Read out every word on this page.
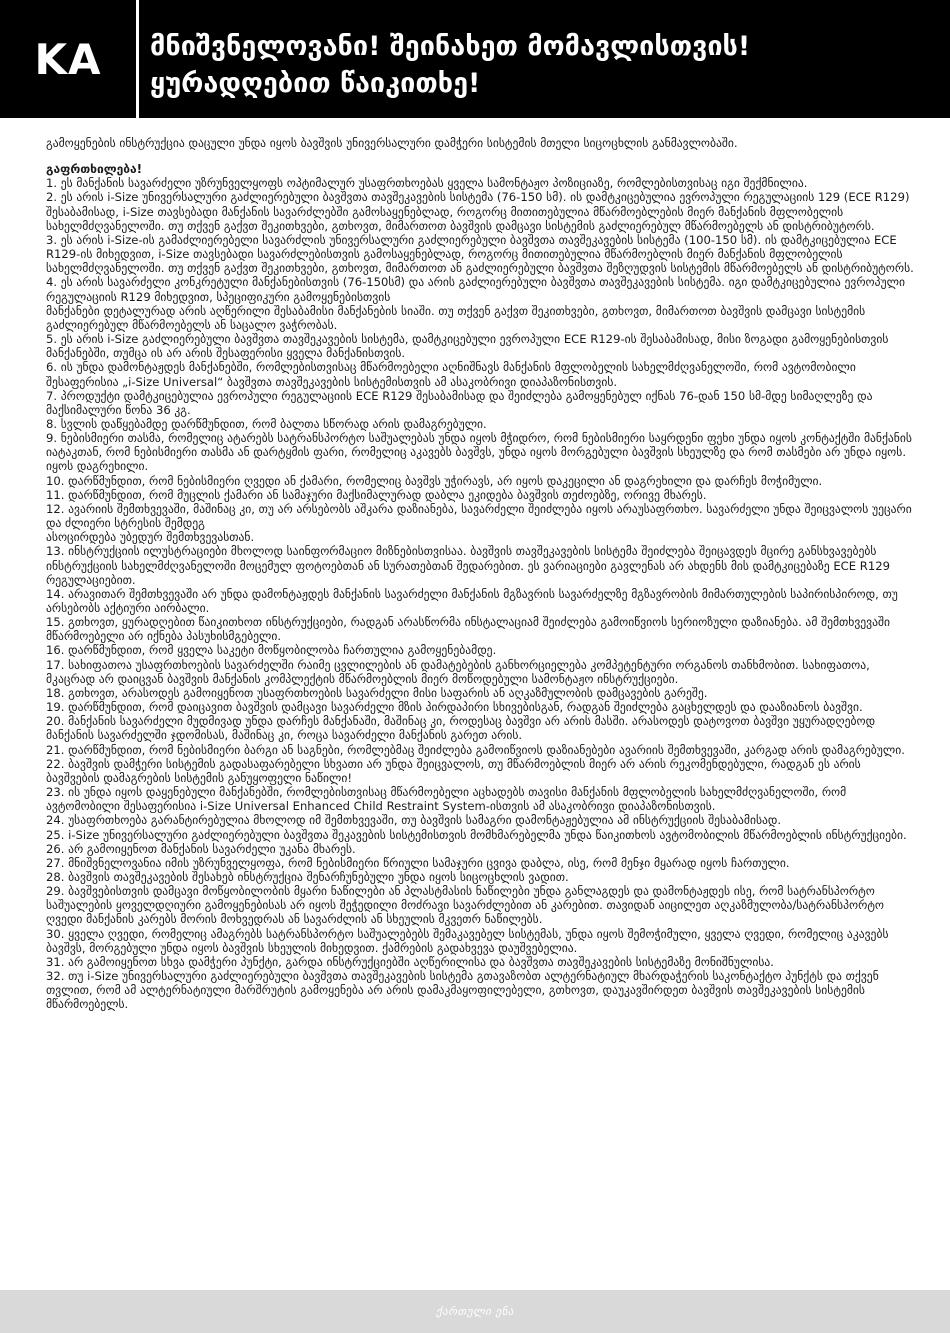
KA	მნიშვნელოვანი! შეინახეთ მომავლისთვის!
ყურადღებით წაიკითხე!

გამოყენების ინსტრუქცია დაცული უნდა იყოს ბავშვის უნივერსალური დამჭერი სისტემის მთელი სიცოცხლის განმავლობაში.

გაფრთხილება!

1. ეს მანქანის სავარძელი უზრუნველყოფს ოპტიმალურ უსაფრთხოებას ყველა სამონტაჟო პოზიციაზე, რომლებისთვისაც იგი შექმნილია.

2. ეს არის i-Size უნივერსალური გაძლიერებული ბავშვთა თავშეკავების სისტემა (76-150 სმ). ის დამტკიცებულია ევროპული რეგულაციის 129 (ECE R129) შესაბამისად, i-Size თავსებადი მანქანის სავარძლებში გამოსაყენებლად, როგორც მითითებულია მწარმოებლების მიერ მანქანის მფლობელის სახელმძღვანელოში. თუ თქვენ გაქვთ შეკითხვები, გთხოვთ, მიმართოთ ბავშვის დამცავი სისტემის გაძლიერებულ მწარმოებელს ან დისტრიბუტორს.

3. ეს არის i-Size-ის გამაძლიერებელი სავარძლის უნივერსალური გაძლიერებული ბავშვთა თავშეკავების სისტემა (100-150 სმ). ის დამტკიცებულია ECE R129-ის მიხედვით, i-Size თავსებადი სავარძლებისთვის გამოსაყენებლად, როგორც მითითებულია მწარმოებლის მიერ მანქანის მფლობელის სახელმძღვანელოში. თუ თქვენ გაქვთ შეკითხვები, გთხოვთ, მიმართოთ ან გაძლიერებული ბავშვთა შეზღუდვის სისტემის მწარმოებელს ან დისტრიბუტორს.

4. ეს არის სავარძელი კონკრეტული მანქანებისთვის (76-150სმ) და არის გაძლიერებული ბავშვთა თავშეკავების სისტემა. იგი დამტკიცებულია ევროპული რეგულაციის R129 მიხედვით, სპეციფიკური გამოყენებისთვის
მანქანები დეტალურად არის აღწერილი შესაბამისი მანქანების სიაში. თუ თქვენ გაქვთ შეკითხვები, გთხოვთ, მიმართოთ ბავშვის დამცავი სისტემის გაძლიერებულ მწარმოებელს ან საცალო ვაჭრობას.

5. ეს არის i-Size გაძლიერებული ბავშვთა თავშეკავების სისტემა, დამტკიცებული ევროპული ECE R129-ის შესაბამისად, მისი ზოგადი გამოყენებისთვის მანქანებში, თუმცა ის არ არის შესაფერისი ყველა მანქანისთვის.

6. ის უნდა დამონტაჟდეს მანქანებში, რომლებისთვისაც მწარმოებელი აღნიშნავს მანქანის მფლობელის სახელმძღვანელოში, რომ ავტომობილი შესაფერისია „i-Size Universal“ ბავშვთა თავშეკავების სისტემისთვის ამ ასაკობრივი დიაპაზონისთვის.

7. პროდუქტი დამტკიცებულია ევროპული რეგულაციის ECE R129 შესაბამისად და შეიძლება გამოყენებულ იქნას 76-დან 150 სმ-მდე სიმაღლეზე და მაქსიმალური წონა 36 კგ.

8. სვლის დაწყებამდე დარწმუნდით, რომ ბალთა სწორად არის დამაგრებული.

9. ნებისმიერი თასმა, რომელიც ატარებს სატრანსპორტო საშუალებას უნდა იყოს მჭიდრო, რომ ნებისმიერი საყრდენი ფეხი უნდა იყოს კონტაქტში მანქანის იატაკთან, რომ ნებისმიერი თასმა ან დარტყმის ფარი, რომელიც აკავებს ბავშვს, უნდა იყოს მორგებული ბავშვის სხეულზე და რომ თასმები არ უნდა იყოს. იყოს დაგრეხილი.

10. დარწმუნდით, რომ ნებისმიერი ღვედი ან ქამარი, რომელიც ბავშვს უჭირავს, არ იყოს დაკეცილი ან დაგრეხილი და დარჩეს მოჭიმული.

11. დარწმუნდით, რომ მუცლის ქამარი ან სამაჯური მაქსიმალურად დაბლა ეკიდება ბავშვის თეძოებზე, ორივე მხარეს.

12. ავარიის შემთხვევაში, მაშინაც კი, თუ არ არსებობს აშკარა დაზიანება, სავარძელი შეიძლება იყოს არაუსაფრთხო. სავარძელი უნდა შეიცვალოს უეცარი და ძლიერი სტრესის შემდეგ
ასოცირდება უბედურ შემთხვევასთან.

13. ინსტრუქციის ილუსტრაციები მხოლოდ საინფორმაციო მიზნებისთვისაა. ბავშვის თავშეკავების სისტემა შეიძლება შეიცავდეს მცირე განსხვავებებს ინსტრუქციის სახელმძღვანელოში მოცემულ ფოტოებთან ან სურათებთან შედარებით. ეს ვარიაციები გავლენას არ ახდენს მის დამტკიცებაზე ECE R129 რეგულაციებით.

14. არავითარ შემთხვევაში არ უნდა დამონტაჟდეს მანქანის სავარძელი მანქანის მგზავრის სავარძელზე მგზავრობის მიმართულების საპირისპიროდ, თუ არსებობს აქტიური აირბალი.

15. გთხოვთ, ყურადღებით წაიკითხოთ ინსტრუქციები, რადგან არასწორმა ინსტალაციამ შეიძლება გამოიწვიოს სერიოზული დაზიანება. ამ შემთხვევაში მწარმოებელი არ იქნება პასუხისმგებელი.

16. დარწმუნდით, რომ ყველა საკეტი მოწყობილობა ჩართულია გამოყენებამდე.

17. სახიფათოა უსაფრთხოების სავარძელში რაიმე ცვლილების ან დამატებების განხორციელება კომპეტენტური ორგანოს თანხმობით. სახიფათოა, მკაცრად არ დაიცვან ბავშვის მანქანის კომპლექტის მწარმოებლის მიერ მოწოდებული სამონტაჟო ინსტრუქციები.

18. გთხოვთ, არასოდეს გამოიყენოთ უსაფრთხოების სავარძელი მისი საფარის ან აღკაზმულობის დამცავების გარეშე.

19. დარწმუნდით, რომ დაიცავით ბავშვის დამცავი სავარძელი მზის პირდაპირი სხივებისგან, რადგან შეიძლება გაცხელდეს და დააზიანოს ბავშვი.

20. მანქანის სავარძელი მუდმივად უნდა დარჩეს მანქანაში, მაშინაც კი, როდესაც ბავშვი არ არის მასში. არასოდეს დატოვოთ ბავშვი უყურადღებოდ მანქანის სავარძელში ჯდომისას, მაშინაც კი, როცა სავარძელი მანქანის გარეთ არის.

21. დარწმუნდით, რომ ნებისმიერი ბარგი ან საგნები, რომლებმაც შეიძლება გამოიწვიოს დაზიანებები ავარიის შემთხვევაში, კარგად არის დამაგრებული.

22. ბავშვის დამჭერი სისტემის გადასაფარებელი სხვათი არ უნდა შეიცვალოს, თუ მწარმოებლის მიერ არ არის რეკომენდებული, რადგან ეს არის ბავშვების დამაგრების სისტემის განუყოფელი ნაწილი!

23. ის უნდა იყოს დაყენებული მანქანებში, რომლებისთვისაც მწარმოებელი აცხადებს თავისი მანქანის მფლობელის სახელმძღვანელოში, რომ ავტომობილი შესაფერისია i-Size Universal Enhanced Child Restraint System-ისთვის ამ ასაკობრივი დიაპაზონისთვის.

24. უსაფრთხოება გარანტირებულია მხოლოდ იმ შემთხვევაში, თუ ბავშვის სამაგრი დამონტაჟებულია ამ ინსტრუქციის შესაბამისად.

25. i-Size უნივერსალური გაძლიერებული ბავშვთა შეკავების სისტემისთვის მომხმარებელმა უნდა წაიკითხოს ავტომობილის მწარმოებლის ინსტრუქციები.

26. არ გამოიყენოთ მანქანის სავარძელი უკანა მხარეს.

27. მნიშვნელოვანია იმის უზრუნველყოფა, რომ ნებისმიერი წრიული სამაჯური ცვივა დაბლა, ისე, რომ მენჯი მყარად იყოს ჩართული.

28. ბავშვის თავშეკავების შესახებ ინსტრუქცია შენარჩუნებული უნდა იყოს სიცოცხლის ვადით.

29. ბავშვებისთვის დამცავი მოწყობილობის მყარი ნაწილები ან პლასტმასის ნაწილები უნდა განლაგდეს და დამონტაჟდეს ისე, რომ სატრანსპორტო საშუალების ყოველდღიური გამოყენებისას არ იყოს შეჭედილი მოძრავი სავარძლებით ან კარებით. თავიდან აიცილეთ აღკაზმულობა/სატრანსპორტო ღვედი მანქანის კარებს მორის მოხვედრას ან სავარძლის ან სხეულის მკვეთრ ნაწილებს.

30. ყველა ღვედი, რომელიც ამაგრებს სატრანსპორტო საშუალებებს შემაკავებელ სისტემას, უნდა იყოს შემოჭიმული, ყველა ღვედი, რომელიც აკავებს ბავშვს, მორგებული უნდა იყოს ბავშვის სხეულის მიხედვით. ქამრების გადახვევა დაუშვებელია.

31. არ გამოიყენოთ სხვა დამჭერი პუნქტი, გარდა ინსტრუქციებში აღწერილისა და ბავშვთა თავშეკავების სისტემაზე მონიშნულისა.

32. თუ i-Size უნივერსალური გაძლიერებული ბავშვთა თავშეკავების სისტემა გთავაზობთ ალტერნატიულ მხარდაჭერის საკონტაქტო პუნქტს და თქვენ თვლით, რომ ამ ალტერნატიული მარშრუტის გამოყენება არ არის დამაკმაყოფილებელი, გთხოვთ, დაუკავშირდეთ ბავშვის თავშეკავების სისტემის მწარმოებელს.

ქართული ენა
